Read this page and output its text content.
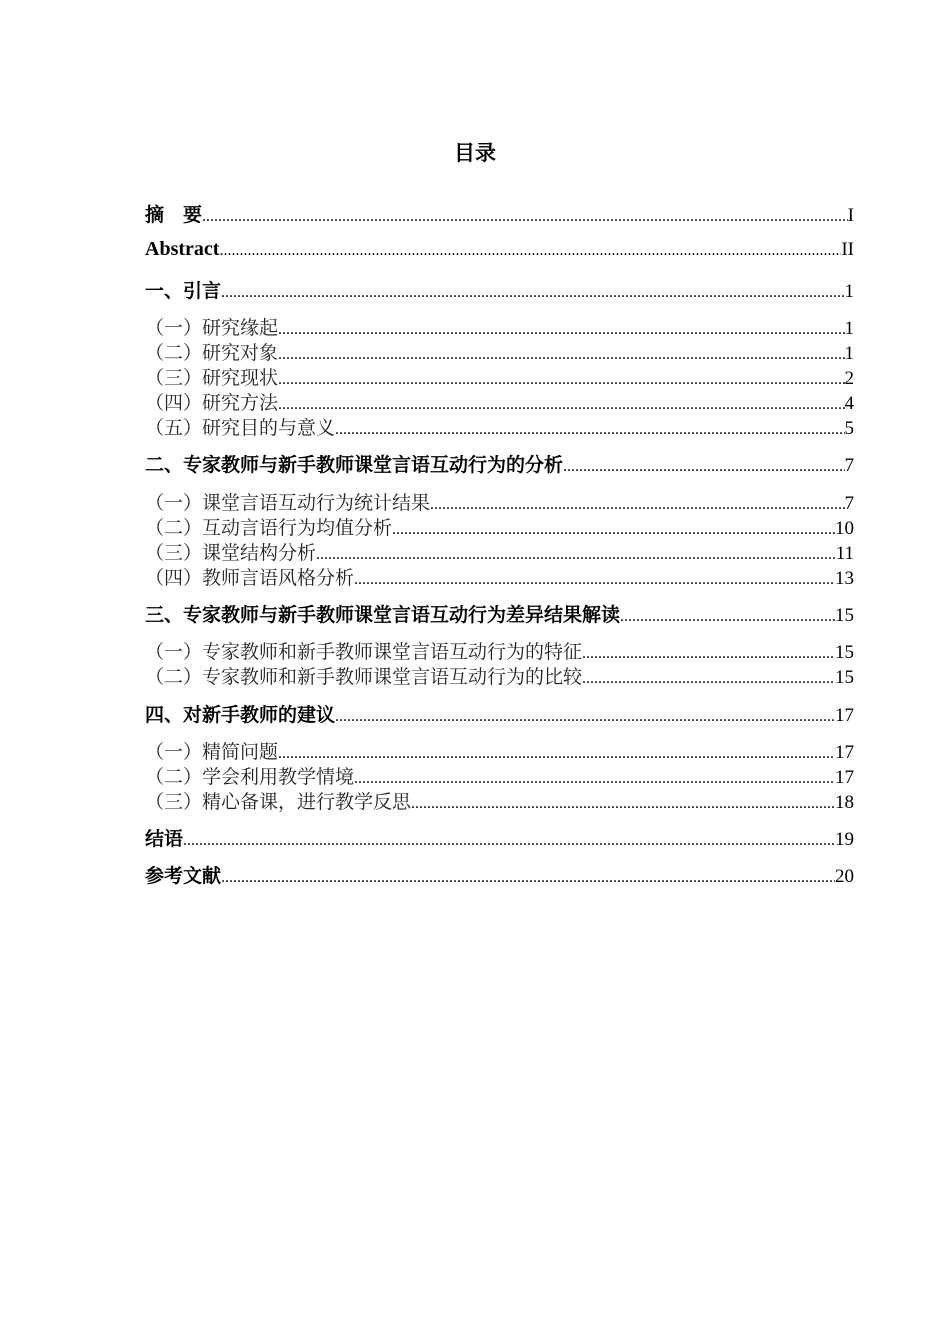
目录
摘　要 .....	I
Abstract .....	II
一、引言 .....	1
（一）研究缘起 .....	1
（二）研究对象 .....	1
（三）研究现状 .....	2
（四）研究方法 .....	4
（五）研究目的与意义 .....	5
二、专家教师与新手教师课堂言语互动行为的分析 .....	7
（一）课堂言语互动行为统计结果 .....	7
（二）互动言语行为均值分析 .....	10
（三）课堂结构分析 .....	11
（四）教师言语风格分析 .....	13
三、专家教师与新手教师课堂言语互动行为差异结果解读 .....	15
（一）专家教师和新手教师课堂言语互动行为的特征 .....	15
（二）专家教师和新手教师课堂言语互动行为的比较 .....	15
四、对新手教师的建议 .....	17
（一）精简问题 .....	17
（二）学会利用教学情境 .....	17
（三）精心备课，进行教学反思 .....	18
结语 .....	19
参考文献 .....	20
